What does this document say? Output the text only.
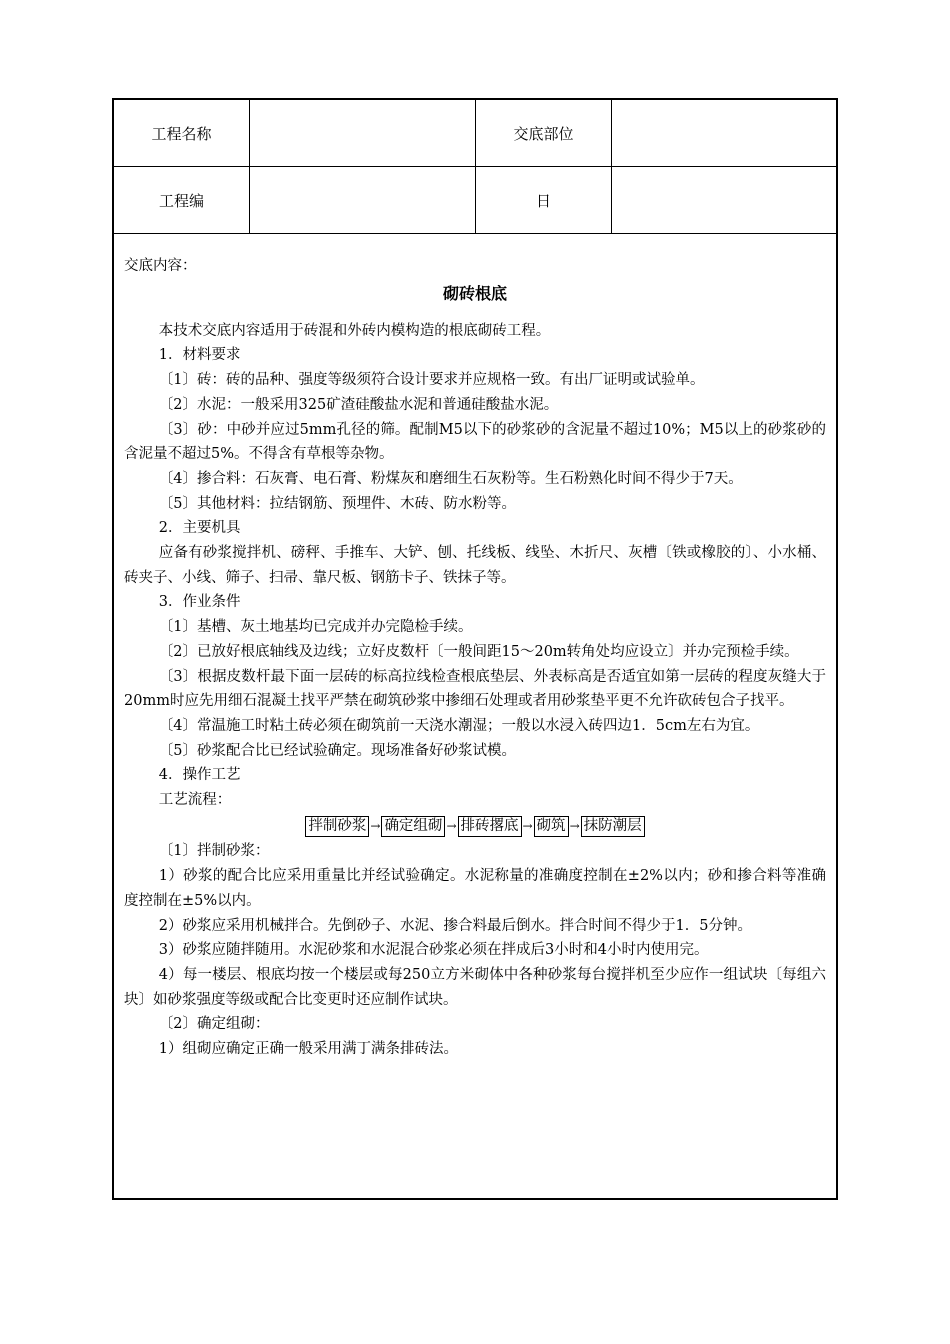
工程名称	交底部位
工程编	日

交底内容：

砌砖根底

本技术交底内容适用于砖混和外砖内模构造的根底砌砖工程。

1．材料要求

〔1〕砖：砖的品种、强度等级须符合设计要求并应规格一致。有出厂证明或试验单。

〔2〕水泥：一般采用325矿渣硅酸盐水泥和普通硅酸盐水泥。

〔3〕砂：中砂并应过5mm孔径的筛。配制M5以下的砂浆砂的含泥量不超过10%；M5以上的砂浆砂的含泥量不超过5%。不得含有草根等杂物。

〔4〕掺合料：石灰膏、电石膏、粉煤灰和磨细生石灰粉等。生石粉熟化时间不得少于7天。

〔5〕其他材料：拉结钢筋、预埋件、木砖、防水粉等。

2．主要机具

应备有砂浆搅拌机、磅秤、手推车、大铲、刨、托线板、线坠、木折尺、灰槽〔铁或橡胶的〕、小水桶、砖夹子、小线、筛子、扫帚、靠尺板、钢筋卡子、铁抹子等。

3．作业条件

〔1〕基槽、灰土地基均已完成并办完隐检手续。

〔2〕已放好根底轴线及边线；立好皮数杆〔一般间距15～20m转角处均应设立〕并办完预检手续。

〔3〕根据皮数杆最下面一层砖的标高拉线检查根底垫层、外表标高是否适宜如第一层砖的程度灰缝大于20mm时应先用细石混凝土找平严禁在砌筑砂浆中掺细石处理或者用砂浆垫平更不允许砍砖包合子找平。

〔4〕常温施工时粘土砖必须在砌筑前一天浇水潮湿；一般以水浸入砖四边1．5cm左右为宜。

〔5〕砂浆配合比已经试验确定。现场准备好砂浆试模。

4．操作工艺

工艺流程：

拌制砂浆 → 确定组砌 → 排砖撂底 → 砌筑 → 抹防潮层

〔1〕拌制砂浆：

1）砂浆的配合比应采用重量比并经试验确定。水泥称量的准确度控制在±2%以内；砂和掺合料等准确度控制在±5%以内。

2）砂浆应采用机械拌合。先倒砂子、水泥、掺合料最后倒水。拌合时间不得少于1．5分钟。

3）砂浆应随拌随用。水泥砂浆和水泥混合砂浆必须在拌成后3小时和4小时内使用完。

4）每一楼层、根底均按一个楼层或每250立方米砌体中各种砂浆每台搅拌机至少应作一组试块〔每组六块〕如砂浆强度等级或配合比变更时还应制作试块。

〔2〕确定组砌：

1）组砌应确定正确一般采用满丁满条排砖法。
